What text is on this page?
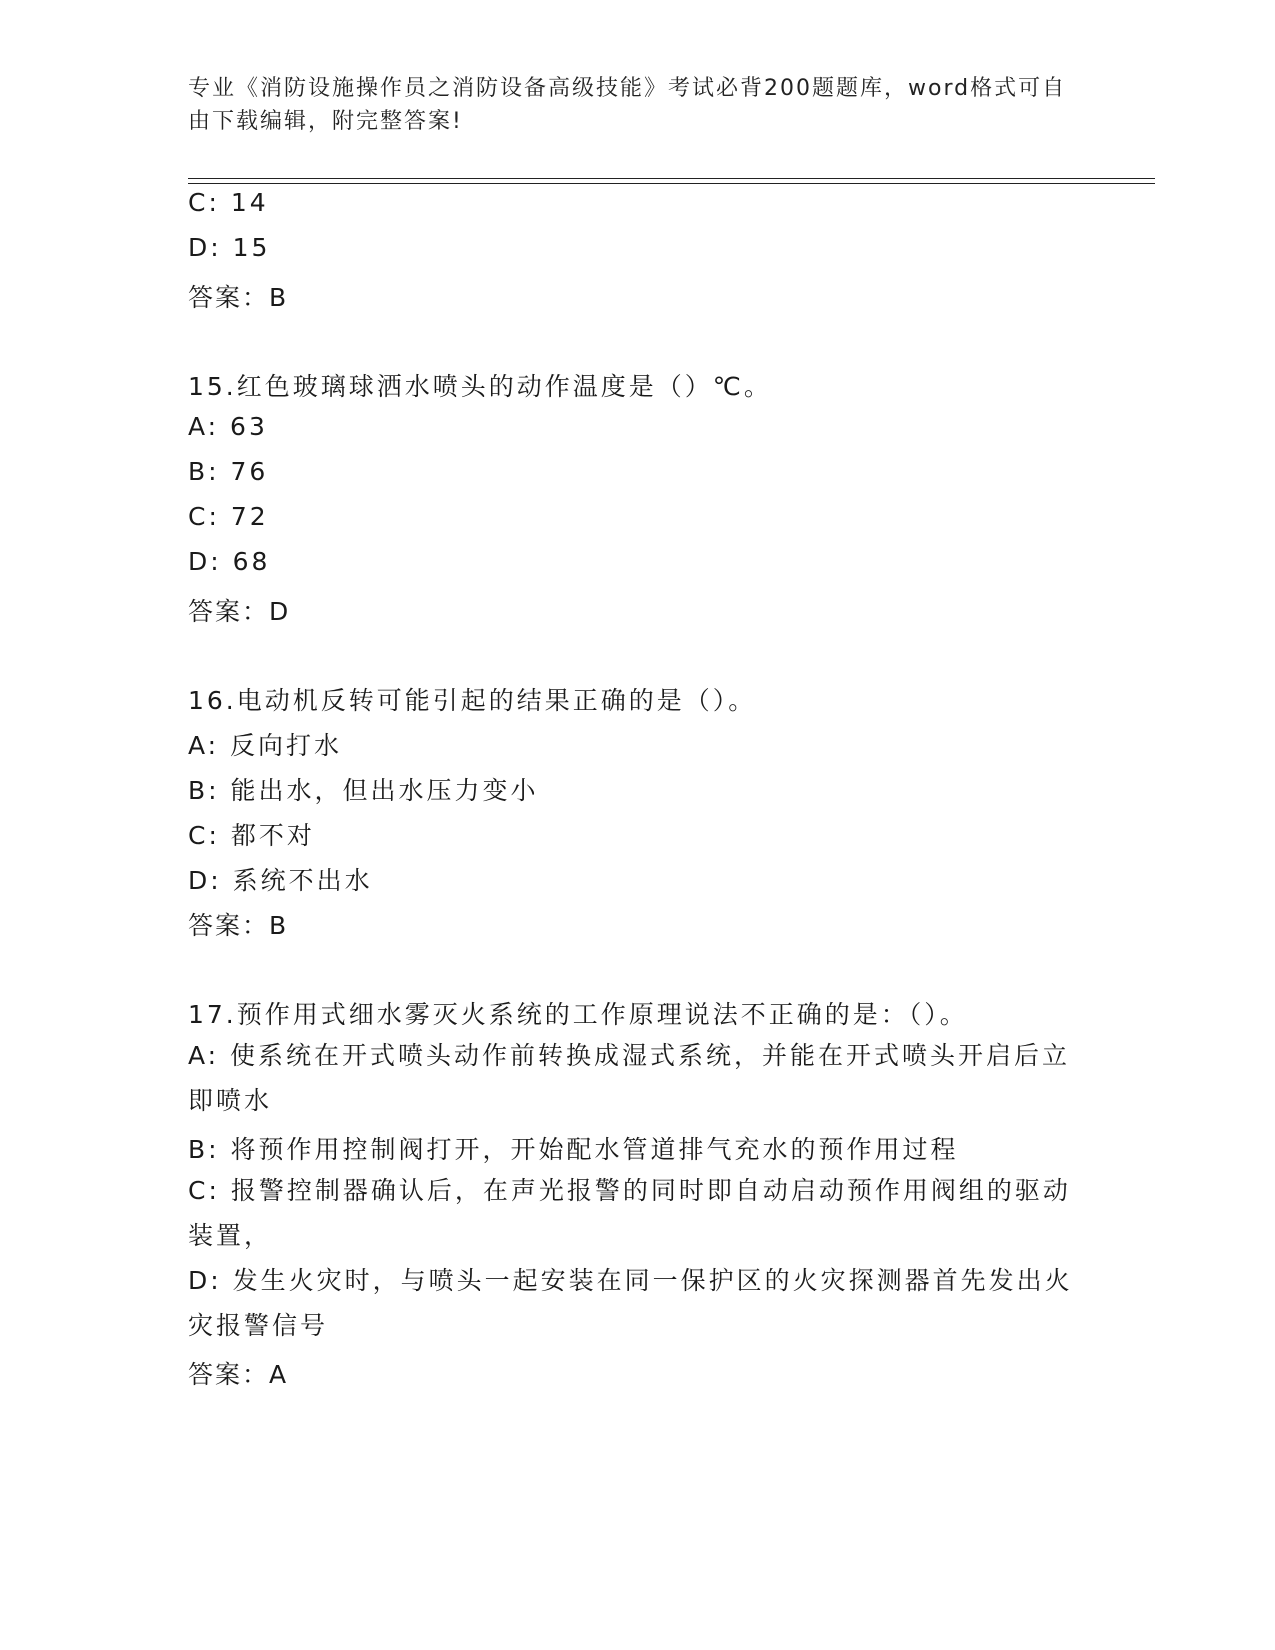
专业《消防设施操作员之消防设备高级技能》考试必背200题题库，word格式可自由下载编辑，附完整答案!
C: 14
D: 15
答案：B
15.红色玻璃球洒水喷头的动作温度是（）℃。
A: 63
B: 76
C: 72
D: 68
答案：D
16.电动机反转可能引起的结果正确的是（）。
A: 反向打水
B: 能出水，但出水压力变小
C: 都不对
D: 系统不出水
答案：B
17.预作用式细水雾灭火系统的工作原理说法不正确的是：（）。
A: 使系统在开式喷头动作前转换成湿式系统，并能在开式喷头开启后立即喷水
B: 将预作用控制阀打开，开始配水管道排气充水的预作用过程
C: 报警控制器确认后，在声光报警的同时即自动启动预作用阀组的驱动装置，
D: 发生火灾时，与喷头一起安装在同一保护区的火灾探测器首先发出火灾报警信号
答案：A
